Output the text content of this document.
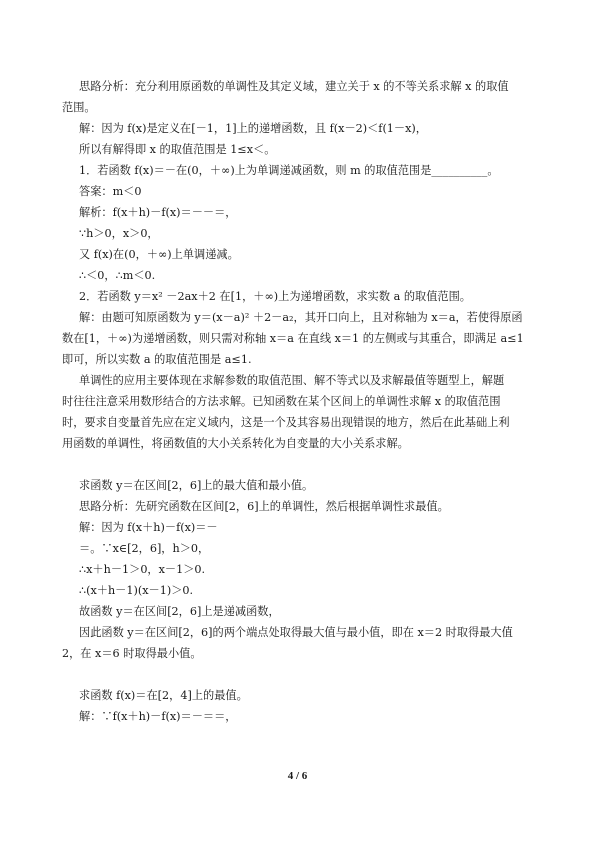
思路分析：充分利用原函数的单调性及其定义域，建立关于 x 的不等关系求解 x 的取值
范围。
解：因为 f(x)是定义在[－1，1]上的递增函数，且 f(x－2)＜f(1－x)，
所以有解得即 x 的取值范围是 1≤x＜。
1．若函数 f(x)＝－在(0，＋∞)上为单调递减函数，则 m 的取值范围是__________。
答案：m＜0
解析：f(x＋h)－f(x)＝－－＝，
∵h＞0，x＞0，
又 f(x)在(0，＋∞)上单调递减。
∴＜0，∴m＜0.
2．若函数 y＝x² －2ax＋2 在[1，＋∞)上为递增函数，求实数 a 的取值范围。
解：由题可知原函数为 y＝(x－a)² ＋2－a₂，其开口向上，且对称轴为 x＝a，若使得原函
数在[1，＋∞)为递增函数，则只需对称轴 x＝a 在直线 x＝1 的左侧或与其重合，即满足 a≤1
即可，所以实数 a 的取值范围是 a≤1.
单调性的应用主要体现在求解参数的取值范围、解不等式以及求解最值等题型上，解题
时往往注意采用数形结合的方法求解。已知函数在某个区间上的单调性求解 x 的取值范围
时，要求自变量首先应在定义域内，这是一个及其容易出现错误的地方，然后在此基础上利
用函数的单调性，将函数值的大小关系转化为自变量的大小关系求解。
求函数 y＝在区间[2，6]上的最大值和最小值。
思路分析：先研究函数在区间[2，6]上的单调性，然后根据单调性求最值。
解：因为 f(x＋h)－f(x)＝－
＝。∵x∈[2，6]，h＞0，
∴x＋h－1＞0，x－1＞0.
∴(x＋h－1)(x－1)＞0.
故函数 y＝在区间[2，6]上是递减函数，
因此函数 y＝在区间[2，6]的两个端点处取得最大值与最小值，即在 x＝2 时取得最大值
2，在 x＝6 时取得最小值。
求函数 f(x)＝在[2，4]上的最值。
解：∵f(x＋h)－f(x)＝－＝＝，
4 / 6
